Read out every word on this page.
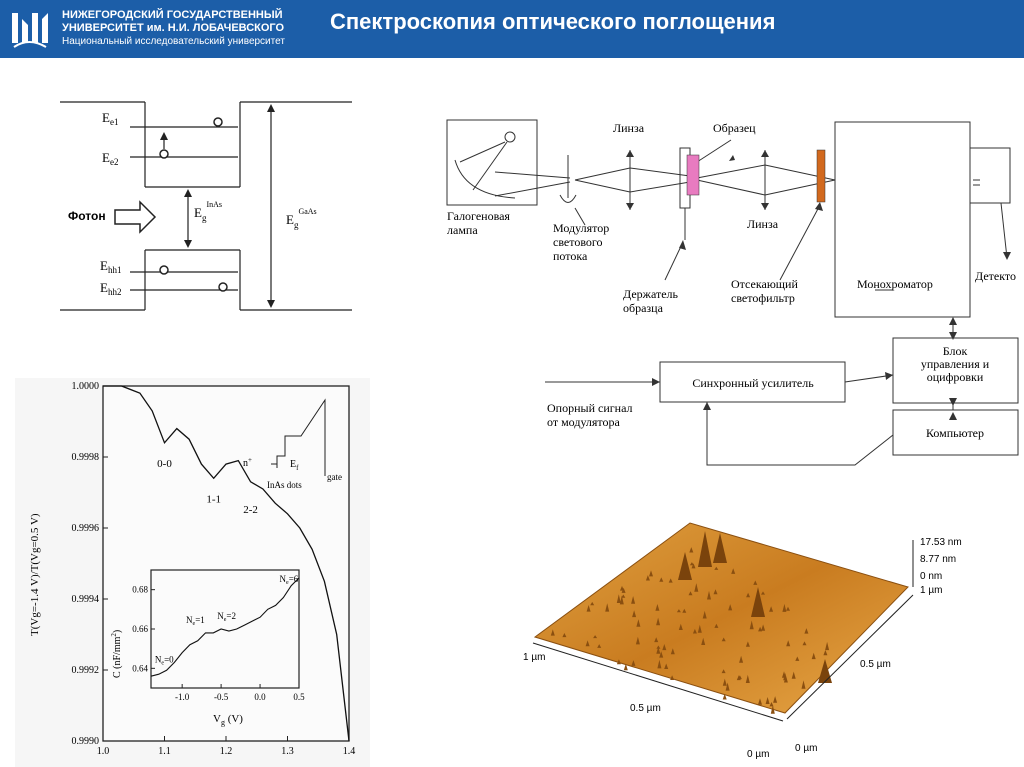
НИЖЕГОРОДСКИЙ ГОСУДАРСТВЕННЫЙ
УНИВЕРСИТЕТ им. Н.И. ЛОБАЧЕВСКОГО
Национальный исследовательский университет
Спектроскопия оптического поглощения
$E_{e1}$
$E_{e2}$
$E_g^{InAs}$
$E_g^{GaAs}$
$E_{hh1}$
$E_{hh2}$
Фотон	Галогеновая лампа	Модулятор светового потока
Линза	Образец
Линза
Держатель образца
Отсекающий светофильтр
Монохроматор
Детекто
Блок управления и оцифровки
Синхронный усилитель
Опорный сигнал от модулятора
Компьютер
1.0	1.1	1.2	1.3	1.4
1.0000
0.9998
0.9996
0.9994
0.9992
0.9990
T(Vg=-1.4 V)/T(Vg=0.5 V)
0-0
1-1
2-2
n+	$E_f$
InAs dots
gate
-1.0	-0.5	0.0	0.5
0.64
0.66
0.68
$N_e=0$
$N_e=1$ $N_e=2$
$N_e=6$
C $(nF/mm^2)$
$V_g$ (V)
17.53 nm
8.77 nm
0 nm
1 µm
0.5 µm
0 µm
1 µm
0.5 µm
0 µm
